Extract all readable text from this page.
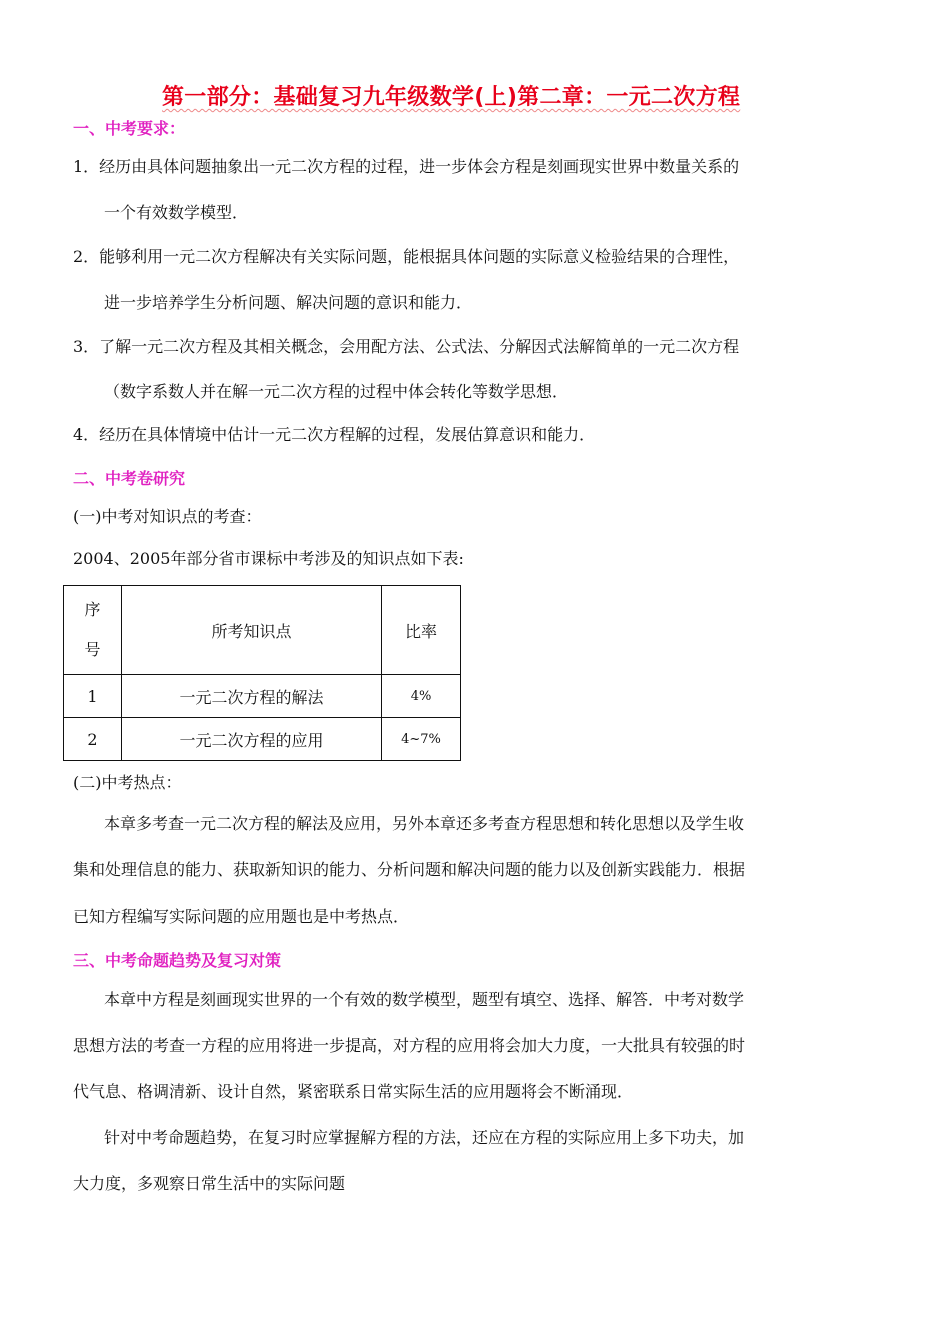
第一部分：基础复习九年级数学(上)第二章：一元二次方程
一、中考要求：
1．经历由具体问题抽象出一元二次方程的过程，进一步体会方程是刻画现实世界中数量关系的
一个有效数学模型．
2．能够利用一元二次方程解决有关实际问题，能根据具体问题的实际意义检验结果的合理性，
进一步培养学生分析问题、解决问题的意识和能力．
3．了解一元二次方程及其相关概念，会用配方法、公式法、分解因式法解简单的一元二次方程
（数字系数人并在解一元二次方程的过程中体会转化等数学思想．
4．经历在具体情境中估计一元二次方程解的过程，发展估算意识和能力．
二、中考卷研究
(一)中考对知识点的考查：
2004、2005年部分省市课标中考涉及的知识点如下表:
序
号	所考知识点	比率
1	一元二次方程的解法	4%
2	一元二次方程的应用	4~7%
(二)中考热点：
本章多考查一元二次方程的解法及应用，另外本章还多考查方程思想和转化思想以及学生收
集和处理信息的能力、获取新知识的能力、分析问题和解决问题的能力以及创新实践能力．根据
已知方程编写实际问题的应用题也是中考热点．
三、中考命题趋势及复习对策
本章中方程是刻画现实世界的一个有效的数学模型，题型有填空、选择、解答．中考对数学
思想方法的考查一方程的应用将进一步提高，对方程的应用将会加大力度，一大批具有较强的时
代气息、格调清新、设计自然，紧密联系日常实际生活的应用题将会不断涌现．
针对中考命题趋势，在复习时应掌握解方程的方法，还应在方程的实际应用上多下功夫，加
大力度，多观察日常生活中的实际问题
